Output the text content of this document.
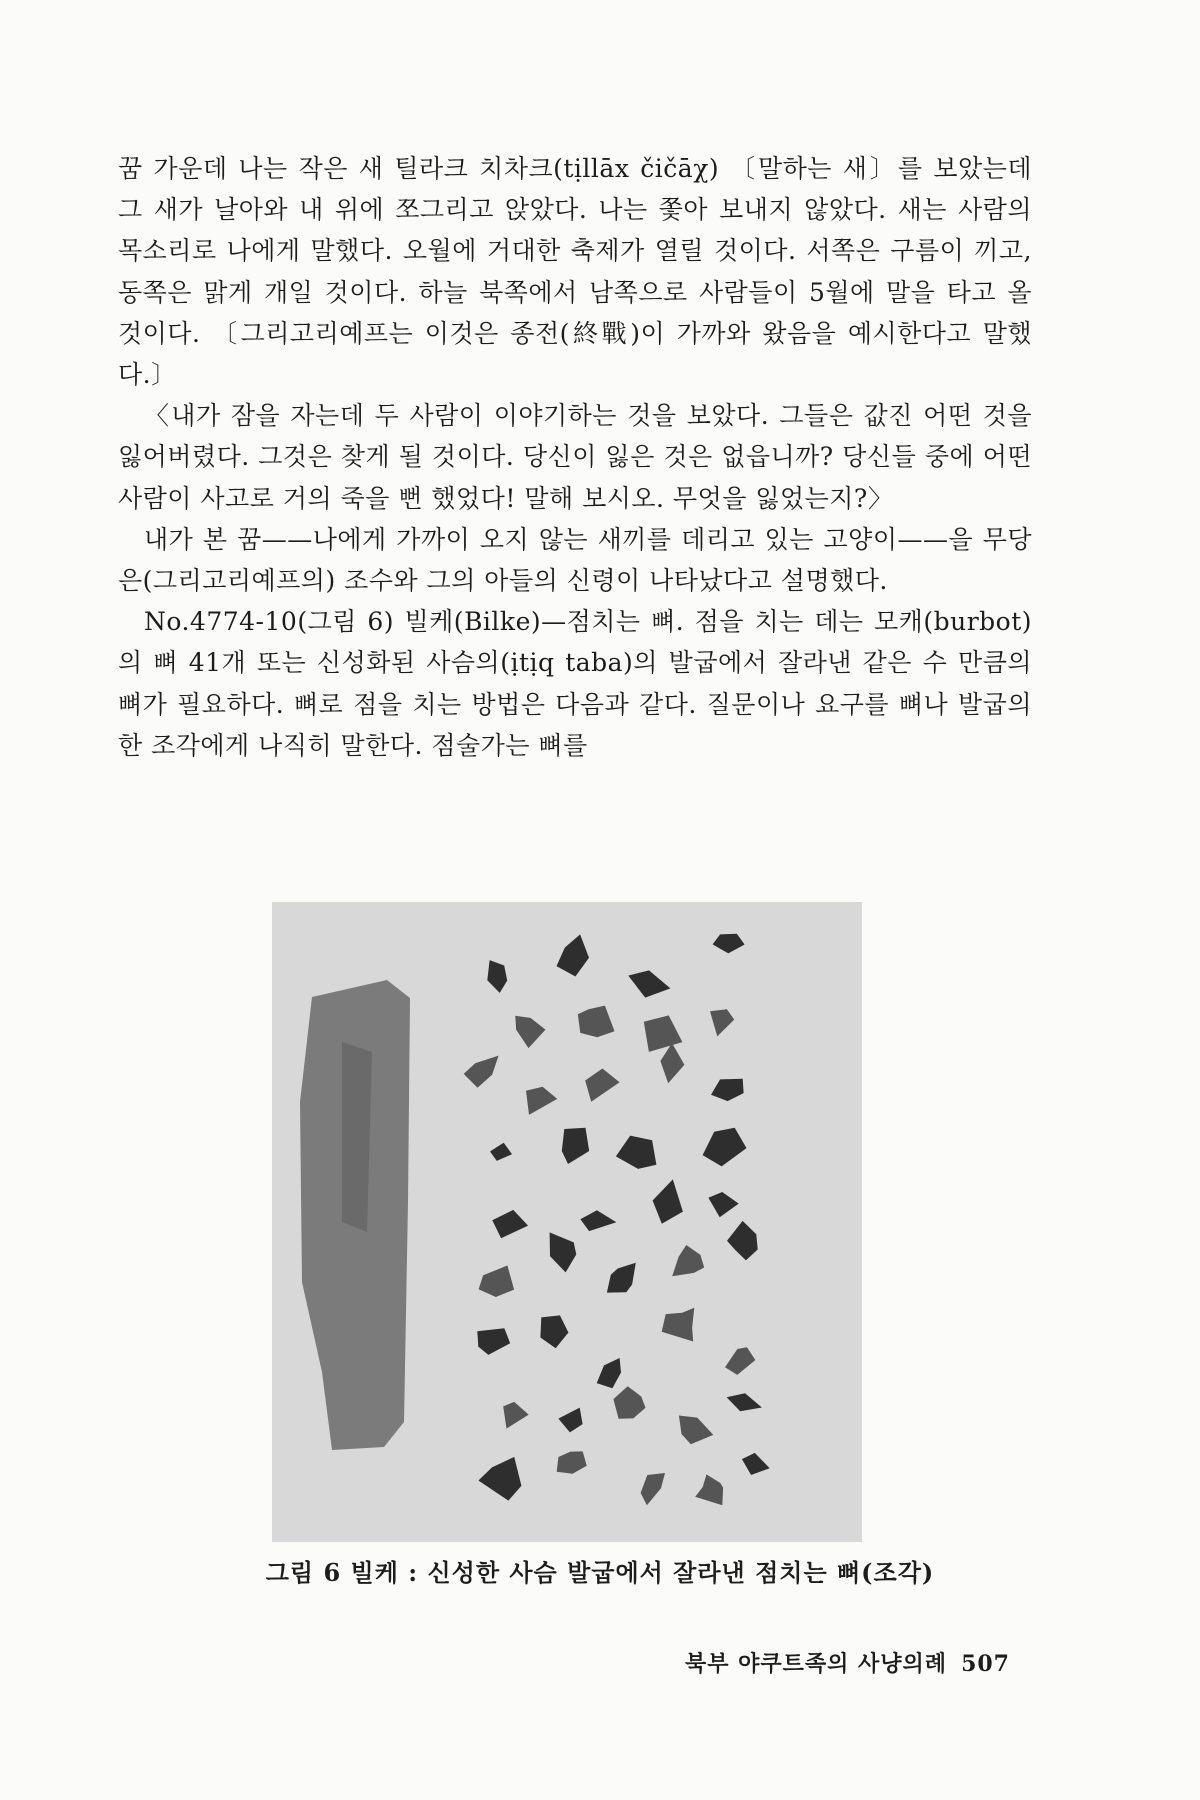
꿈 가운데 나는 작은 새 틸라크 치차크(tịllāx čičāχ) 〔말하는 새〕를 보았는데 그 새가 날아와 내 위에 쪼그리고 앉았다. 나는 쫓아 보내지 않았다. 새는 사람의 목소리로 나에게 말했다. 오월에 거대한 축제가 열릴 것이다. 서쪽은 구름이 끼고, 동쪽은 맑게 개일 것이다. 하늘 북쪽에서 남쪽으로 사람들이 5월에 말을 타고 올 것이다. 〔그리고리예프는 이것은 종전(終戰)이 가까와 왔음을 예시한다고 말했다.〕

〈내가 잠을 자는데 두 사람이 이야기하는 것을 보았다. 그들은 값진 어떤 것을 잃어버렸다. 그것은 찾게 될 것이다. 당신이 잃은 것은 없읍니까? 당신들 중에 어떤 사람이 사고로 거의 죽을 뻔 했었다! 말해 보시오. 무엇을 잃었는지?〉

내가 본 꿈——나에게 가까이 오지 않는 새끼를 데리고 있는 고양이——을 무당은(그리고리예프의) 조수와 그의 아들의 신령이 나타났다고 설명했다.

No.4774-10(그림 6) 빌케(Bilke)—점치는 뼈. 점을 치는 데는 모캐(burbot)의 뼈 41개 또는 신성화된 사슴의(ịtịq taba)의 발굽에서 잘라낸 같은 수 만큼의 뼈가 필요하다. 뼈로 점을 치는 방법은 다음과 같다. 질문이나 요구를 뼈나 발굽의 한 조각에게 나직히 말한다. 점술가는 뼈를

그림 6 빌케 : 신성한 사슴 발굽에서 잘라낸 점치는 뼈(조각)
북부 야쿠트족의 사냥의례 507
